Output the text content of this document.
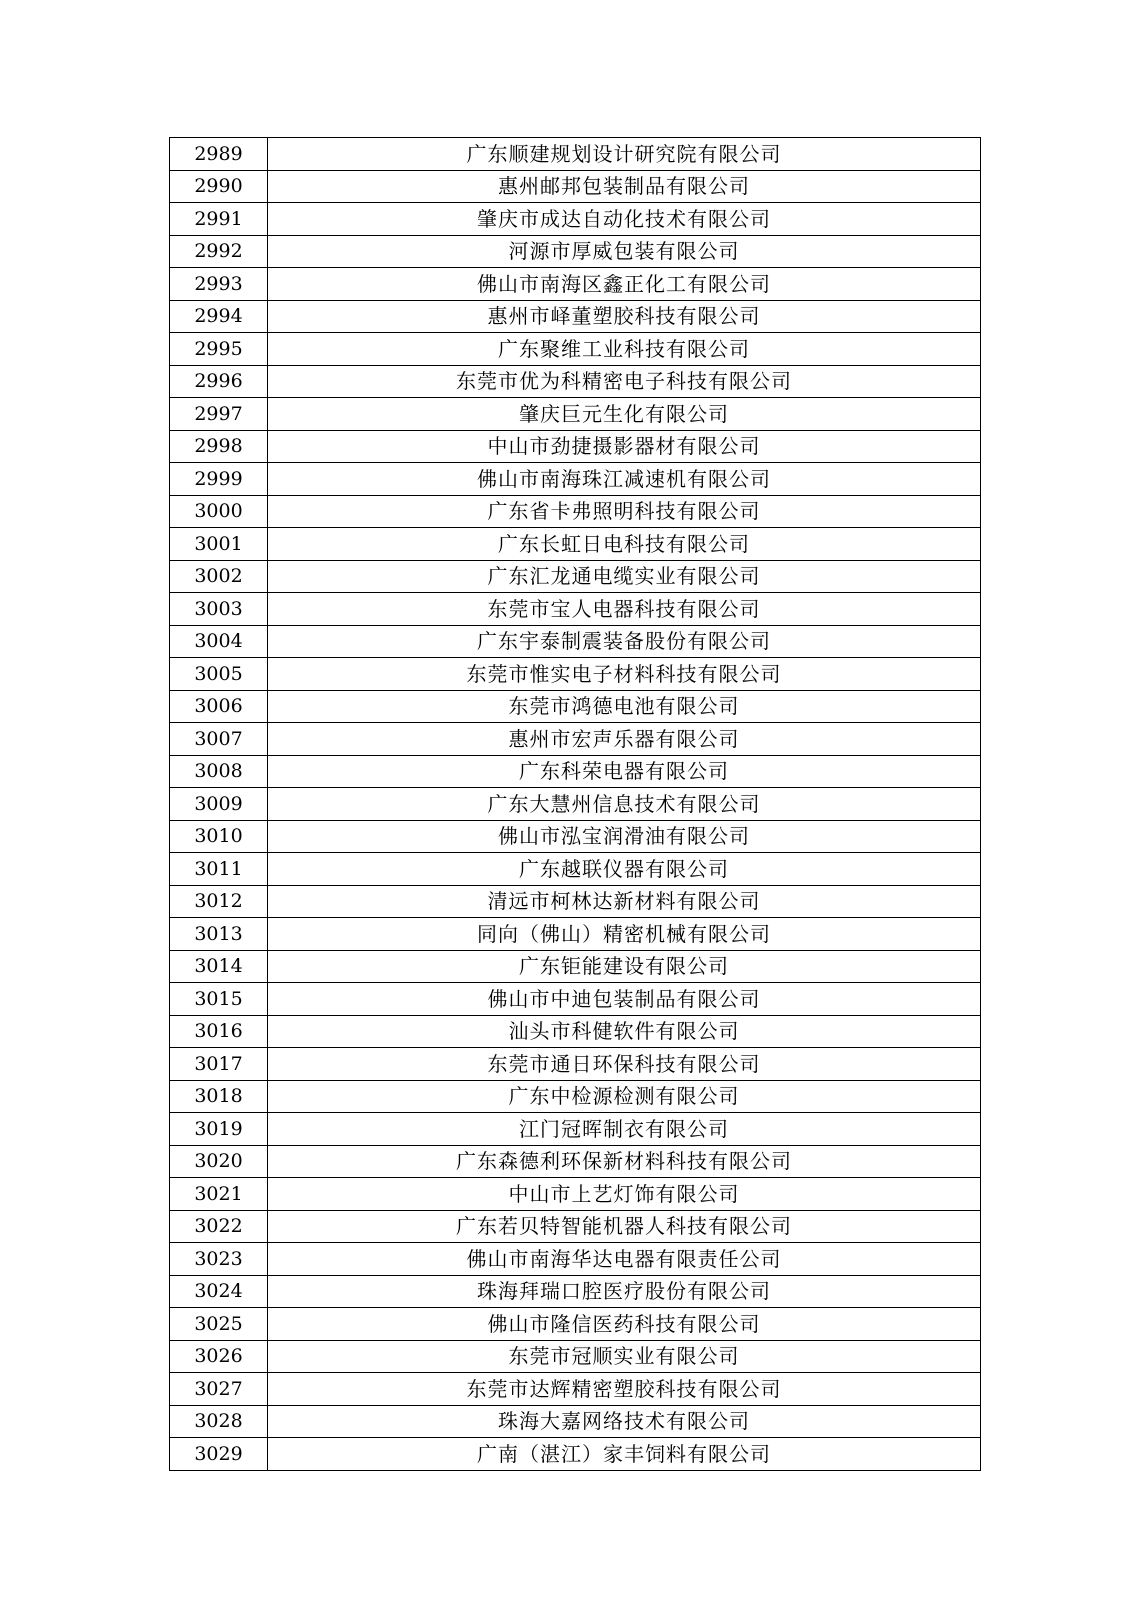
2989	广东顺建规划设计研究院有限公司
2990	惠州邮邦包装制品有限公司
2991	肇庆市成达自动化技术有限公司
2992	河源市厚威包装有限公司
2993	佛山市南海区鑫正化工有限公司
2994	惠州市峄董塑胶科技有限公司
2995	广东聚维工业科技有限公司
2996	东莞市优为科精密电子科技有限公司
2997	肇庆巨元生化有限公司
2998	中山市劲捷摄影器材有限公司
2999	佛山市南海珠江减速机有限公司
3000	广东省卡弗照明科技有限公司
3001	广东长虹日电科技有限公司
3002	广东汇龙通电缆实业有限公司
3003	东莞市宝人电器科技有限公司
3004	广东宇泰制震装备股份有限公司
3005	东莞市惟实电子材料科技有限公司
3006	东莞市鸿德电池有限公司
3007	惠州市宏声乐器有限公司
3008	广东科荣电器有限公司
3009	广东大慧州信息技术有限公司
3010	佛山市泓宝润滑油有限公司
3011	广东越联仪器有限公司
3012	清远市柯林达新材料有限公司
3013	同向（佛山）精密机械有限公司
3014	广东钜能建设有限公司
3015	佛山市中迪包装制品有限公司
3016	汕头市科健软件有限公司
3017	东莞市通日环保科技有限公司
3018	广东中检源检测有限公司
3019	江门冠晖制衣有限公司
3020	广东森德利环保新材料科技有限公司
3021	中山市上艺灯饰有限公司
3022	广东若贝特智能机器人科技有限公司
3023	佛山市南海华达电器有限责任公司
3024	珠海拜瑞口腔医疗股份有限公司
3025	佛山市隆信医药科技有限公司
3026	东莞市冠顺实业有限公司
3027	东莞市达辉精密塑胶科技有限公司
3028	珠海大嘉网络技术有限公司
3029	广南（湛江）家丰饲料有限公司
